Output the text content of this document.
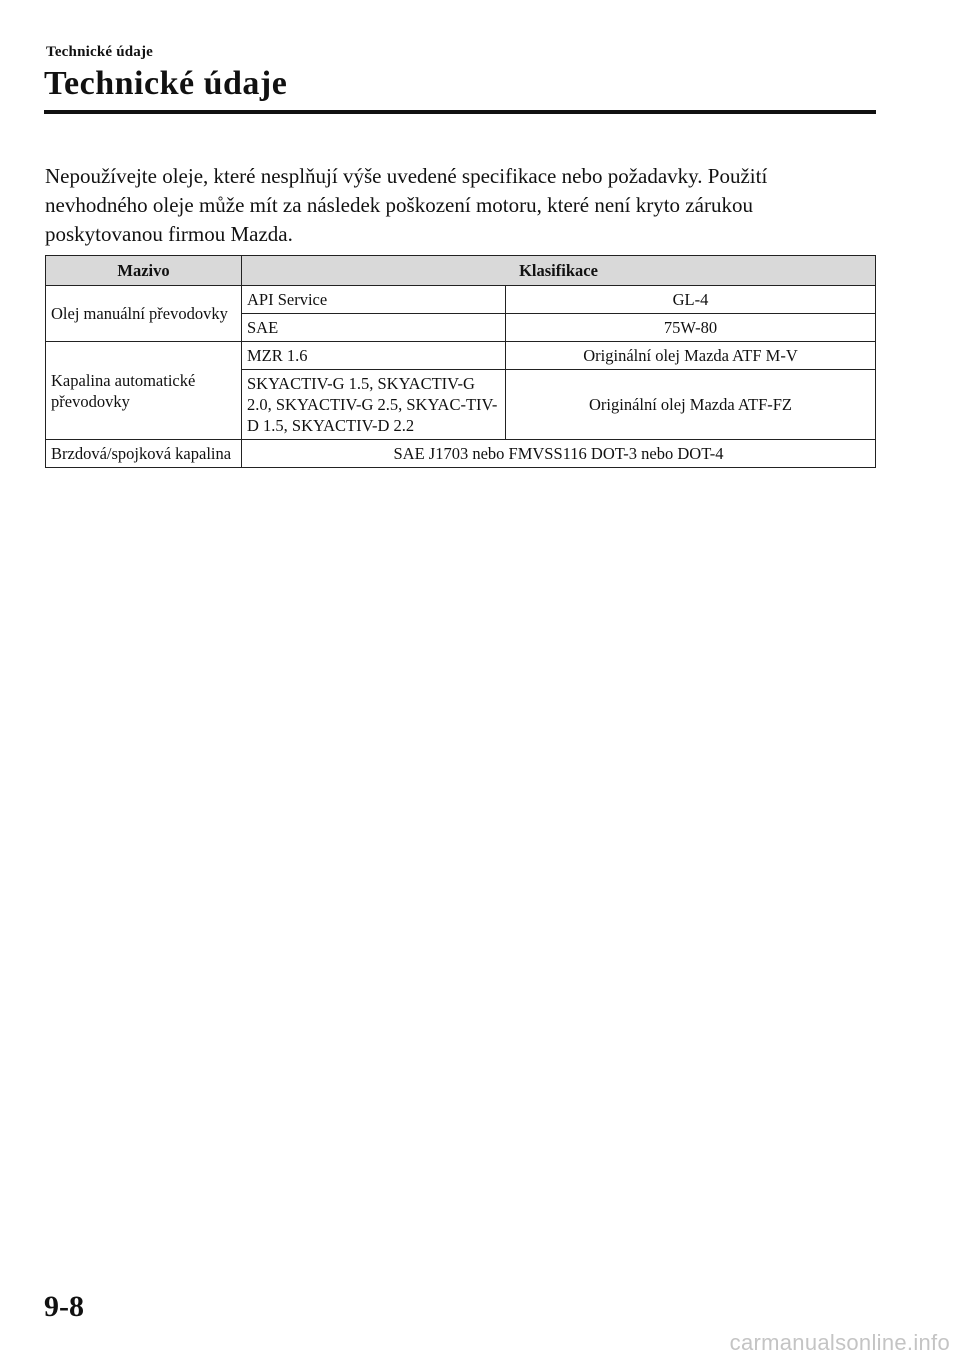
Technické údaje
Technické údaje

Nepoužívejte oleje, které nesplňují výše uvedené specifikace nebo požadavky. Použití nevhodného oleje může mít za následek poškození motoru, které není kryto zárukou poskytovanou firmou Mazda.

Mazivo	Klasifikace	
Olej manuální převodovky	API Service	GL-4
	SAE	75W-80
Kapalina automatické převodovky	MZR 1.6	Originální olej Mazda ATF M-V
	SKYACTIV-G 1.5, SKYACTIV-G 2.0, SKYACTIV-G 2.5, SKYAC-TIV-D 1.5, SKYACTIV-D 2.2	Originální olej Mazda ATF-FZ
Brzdová/spojková kapalina	SAE J1703 nebo FMVSS116 DOT-3 nebo DOT-4	
9-8
carmanualsonline.info
